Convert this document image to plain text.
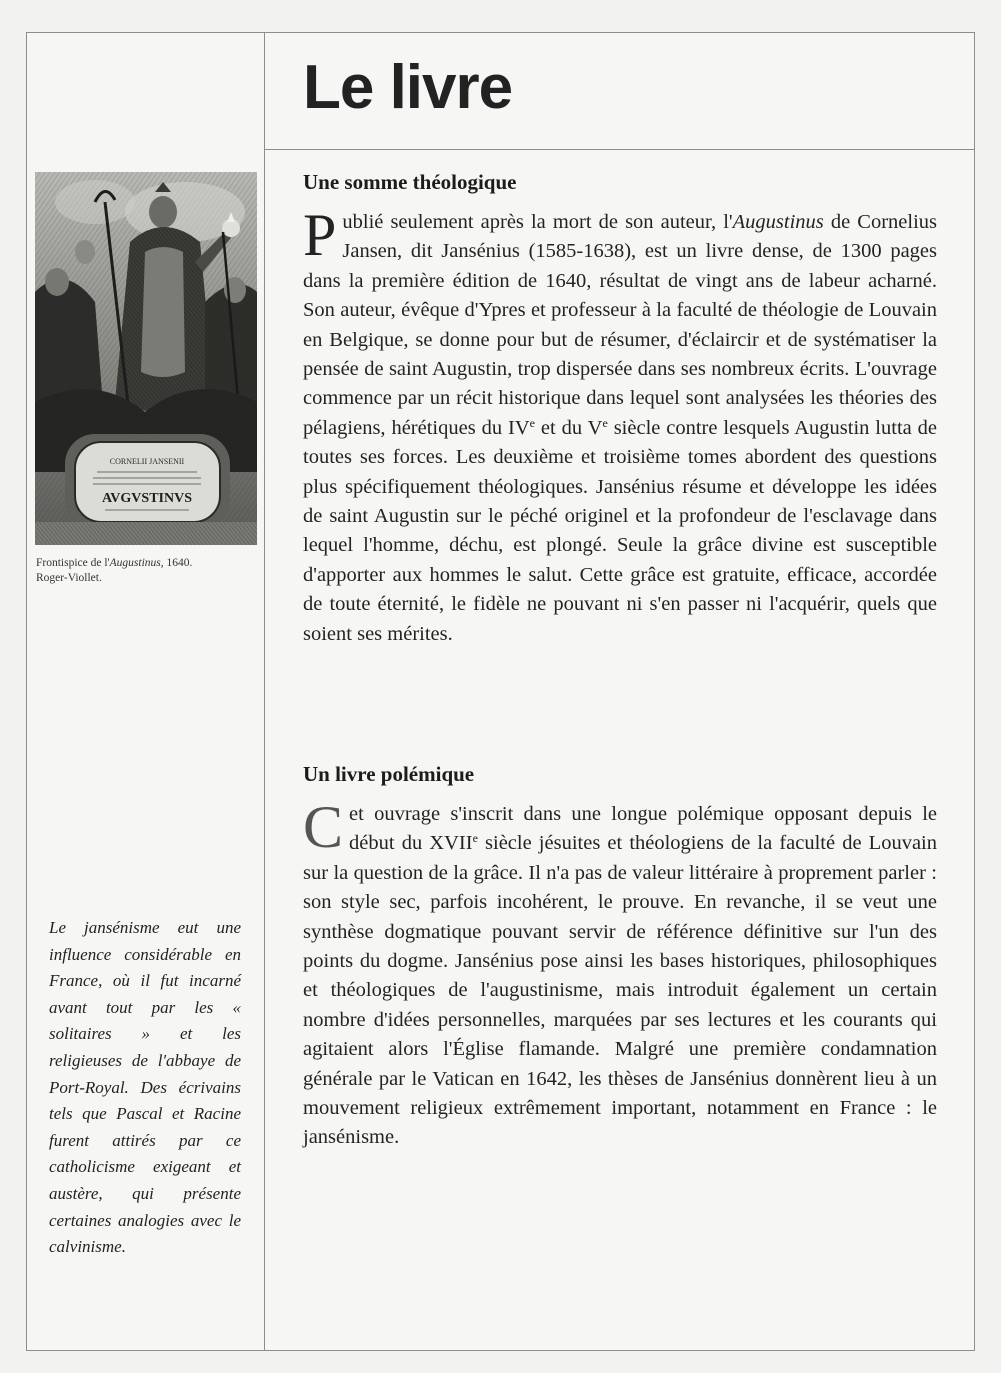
Le livre
CORNELII JANSENII
AVGVSTINVS
Frontispice de l'Augustinus, 1640.
Roger-Viollet.
Le jansénisme eut une influence considérable en France, où il fut incarné avant tout par les « solitaires » et les religieuses de l'abbaye de Port-Royal. Des écrivains tels que Pascal et Racine furent attirés par ce catholicisme exigeant et austère, qui présente certaines analogies avec le calvinisme.
Une somme théologique

Publié seulement après la mort de son auteur, l'Augustinus de Cornelius Jansen, dit Jansénius (1585-1638), est un livre dense, de 1300 pages dans la première édition de 1640, résultat de vingt ans de labeur acharné. Son auteur, évêque d'Ypres et professeur à la faculté de théologie de Louvain en Belgique, se donne pour but de résumer, d'éclaircir et de systématiser la pensée de saint Augustin, trop dispersée dans ses nombreux écrits. L'ouvrage commence par un récit historique dans lequel sont analysées les théories des pélagiens, hérétiques du IVe et du Ve siècle contre lesquels Augustin lutta de toutes ses forces. Les deuxième et troisième tomes abordent des questions plus spécifiquement théologiques. Jansénius résume et développe les idées de saint Augustin sur le péché originel et la profondeur de l'esclavage dans lequel l'homme, déchu, est plongé. Seule la grâce divine est susceptible d'apporter aux hommes le salut. Cette grâce est gratuite, efficace, accordée de toute éternité, le fidèle ne pouvant ni s'en passer ni l'acquérir, quels que soient ses mérites.

Un livre polémique

Cet ouvrage s'inscrit dans une longue polémique opposant depuis le début du XVIIe siècle jésuites et théologiens de la faculté de Louvain sur la question de la grâce. Il n'a pas de valeur littéraire à proprement parler : son style sec, parfois incohérent, le prouve. En revanche, il se veut une synthèse dogmatique pouvant servir de référence définitive sur l'un des points du dogme. Jansénius pose ainsi les bases historiques, philosophiques et théologiques de l'augustinisme, mais introduit également un certain nombre d'idées personnelles, marquées par ses lectures et les courants qui agitaient alors l'Église flamande. Malgré une première condamnation générale par le Vatican en 1642, les thèses de Jansénius donnèrent lieu à un mouvement religieux extrêmement important, notamment en France : le jansénisme.
